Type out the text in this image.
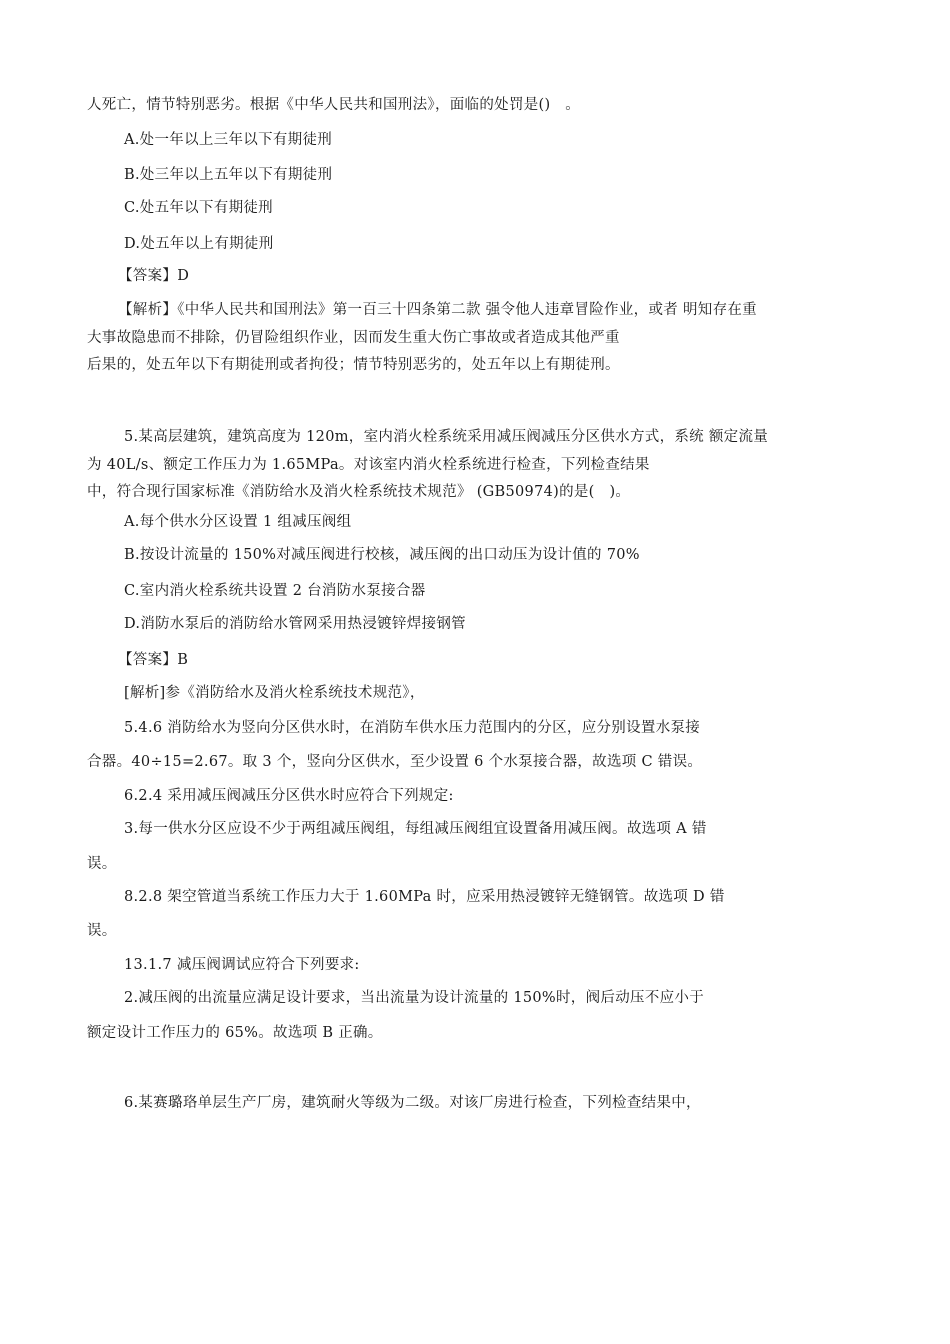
人死亡，情节特别恶劣。根据《中华人民共和国刑法》，面临的处罚是()　。
A.处一年以上三年以下有期徒刑
B.处三年以上五年以下有期徒刑
C.处五年以下有期徒刑
D.处五年以上有期徒刑
【答案】D
【解析】《中华人民共和国刑法》第一百三十四条第二款 强令他人违章冒险作业，或者 明知存在重
大事故隐患而不排除，仍冒险组织作业，因而发生重大伤亡事故或者造成其他严重
后果的，处五年以下有期徒刑或者拘役；情节特别恶劣的，处五年以上有期徒刑。
5.某高层建筑，建筑高度为 120m，室内消火栓系统采用减压阀减压分区供水方式，系统 额定流量
为 40L/s、额定工作压力为 1.65MPa。对该室内消火栓系统进行检查，下列检查结果
中，符合现行国家标准《消防给水及消火栓系统技术规范》 (GB50974)的是(　)。
A.每个供水分区设置 1 组减压阀组
B.按设计流量的 150%对减压阀进行校核，减压阀的出口动压为设计值的 70%
C.室内消火栓系统共设置 2 台消防水泵接合器
D.消防水泵后的消防给水管网采用热浸镀锌焊接钢管
【答案】B
[解析]参《消防给水及消火栓系统技术规范》，
5.4.6 消防给水为竖向分区供水时，在消防车供水压力范围内的分区，应分别设置水泵接
合器。40÷15=2.67。取 3 个，竖向分区供水，至少设置 6 个水泵接合器，故选项 C 错误。
6.2.4 采用减压阀减压分区供水时应符合下列规定:
3.每一供水分区应设不少于两组减压阀组，每组减压阀组宜设置备用减压阀。故选项 A 错
误。
8.2.8 架空管道当系统工作压力大于 1.60MPa 时，应采用热浸镀锌无缝钢管。故选项 D 错
误。
13.1.7 减压阀调试应符合下列要求:
2.减压阀的出流量应满足设计要求，当出流量为设计流量的 150%时，阀后动压不应小于
额定设计工作压力的 65%。故选项 B 正确。
6.某赛璐珞单层生产厂房，建筑耐火等级为二级。对该厂房进行检查，下列检查结果中，
